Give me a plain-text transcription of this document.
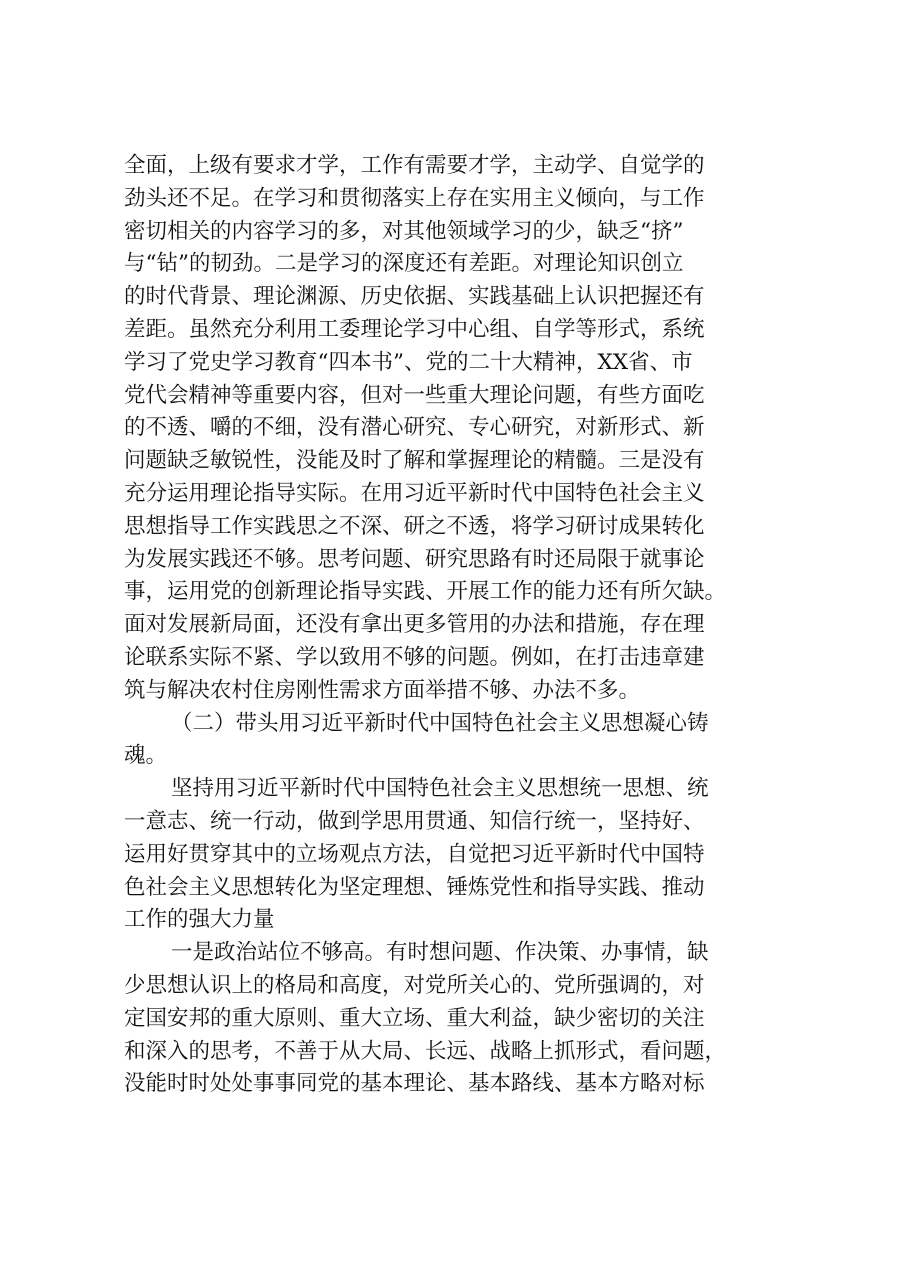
全面，上级有要求才学，工作有需要才学，主动学、自觉学的
劲头还不足。在学习和贯彻落实上存在实用主义倾向，与工作
密切相关的内容学习的多，对其他领域学习的少，缺乏“挤”
与“钻”的韧劲。二是学习的深度还有差距。对理论知识创立
的时代背景、理论渊源、历史依据、实践基础上认识把握还有
差距。虽然充分利用工委理论学习中心组、自学等形式，系统
学习了党史学习教育“四本书”、党的二十大精神，XX省、市
党代会精神等重要内容，但对一些重大理论问题，有些方面吃
的不透、嚼的不细，没有潜心研究、专心研究，对新形式、新
问题缺乏敏锐性，没能及时了解和掌握理论的精髓。三是没有
充分运用理论指导实际。在用习近平新时代中国特色社会主义
思想指导工作实践思之不深、研之不透，将学习研讨成果转化
为发展实践还不够。思考问题、研究思路有时还局限于就事论
事，运用党的创新理论指导实践、开展工作的能力还有所欠缺。
面对发展新局面，还没有拿出更多管用的办法和措施，存在理
论联系实际不紧、学以致用不够的问题。例如，在打击违章建
筑与解决农村住房刚性需求方面举措不够、办法不多。
（二）带头用习近平新时代中国特色社会主义思想凝心铸
魂。
坚持用习近平新时代中国特色社会主义思想统一思想、统
一意志、统一行动，做到学思用贯通、知信行统一，坚持好、
运用好贯穿其中的立场观点方法，自觉把习近平新时代中国特
色社会主义思想转化为坚定理想、锤炼党性和指导实践、推动
工作的强大力量
一是政治站位不够高。有时想问题、作决策、办事情，缺
少思想认识上的格局和高度，对党所关心的、党所强调的，对
定国安邦的重大原则、重大立场、重大利益，缺少密切的关注
和深入的思考，不善于从大局、长远、战略上抓形式，看问题，
没能时时处处事事同党的基本理论、基本路线、基本方略对标
